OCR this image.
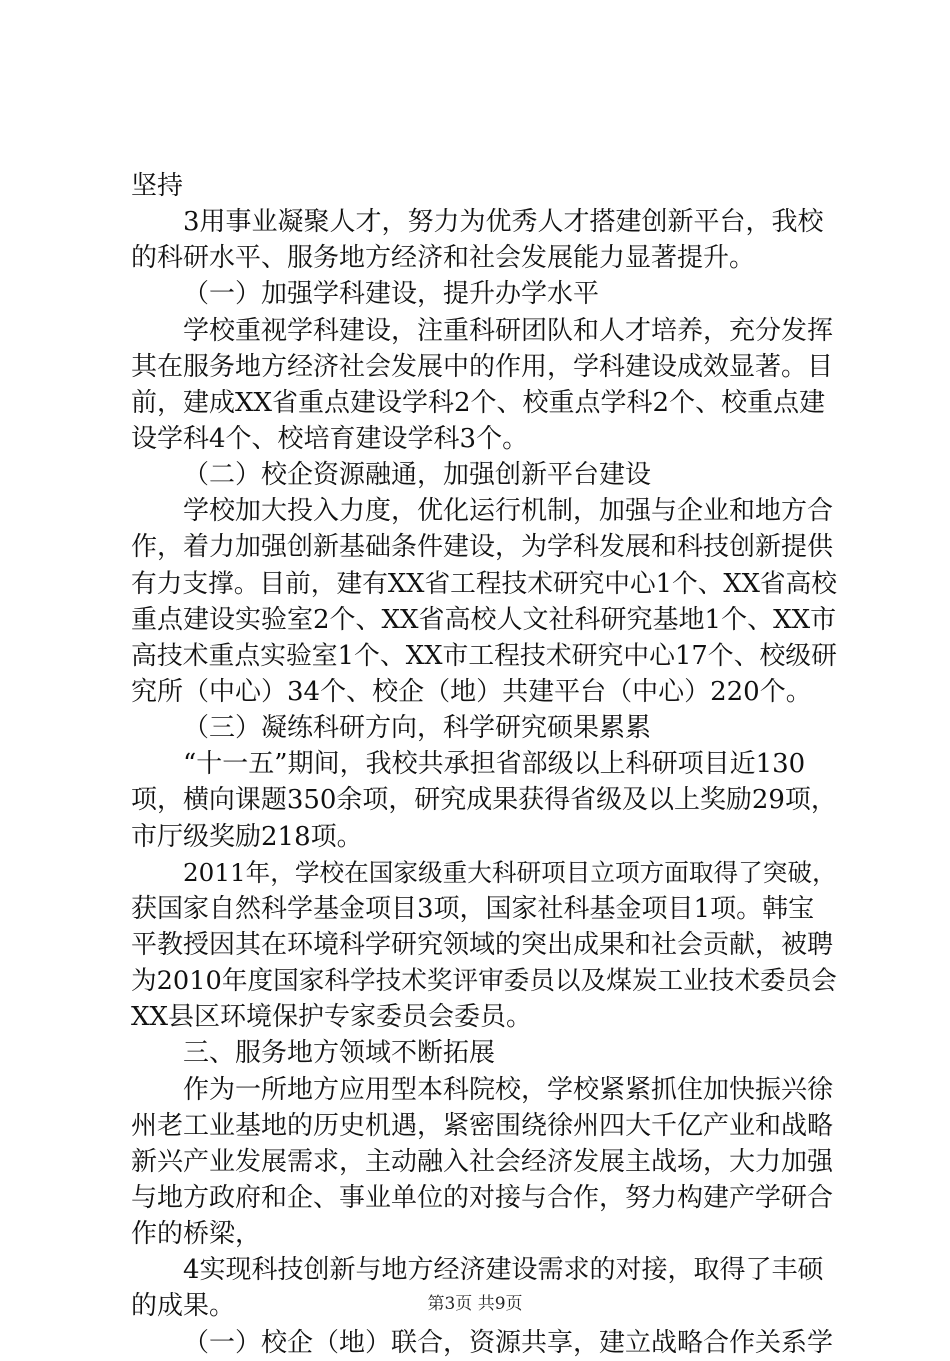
坚持
3用事业凝聚人才，努力为优秀人才搭建创新平台，我校
的科研水平、服务地方经济和社会发展能力显著提升。
（一）加强学科建设，提升办学水平
学校重视学科建设，注重科研团队和人才培养，充分发挥
其在服务地方经济社会发展中的作用，学科建设成效显著。目
前，建成XX省重点建设学科2个、校重点学科2个、校重点建
设学科4个、校培育建设学科3个。
（二）校企资源融通，加强创新平台建设
学校加大投入力度，优化运行机制，加强与企业和地方合
作，着力加强创新基础条件建设，为学科发展和科技创新提供
有力支撑。目前，建有XX省工程技术研究中心1个、XX省高校
重点建设实验室2个、XX省高校人文社科研究基地1个、XX市
高技术重点实验室1个、XX市工程技术研究中心17个、校级研
究所（中心）34个、校企（地）共建平台（中心）220个。
（三）凝练科研方向，科学研究硕果累累
“十一五”期间，我校共承担省部级以上科研项目近130
项，横向课题350余项，研究成果获得省级及以上奖励29项，
市厅级奖励218项。
2011年，学校在国家级重大科研项目立项方面取得了突破，
获国家自然科学基金项目3项，国家社科基金项目1项。韩宝
平教授因其在环境科学研究领域的突出成果和社会贡献，被聘
为2010年度国家科学技术奖评审委员以及煤炭工业技术委员会
XX县区环境保护专家委员会委员。
三、服务地方领域不断拓展
作为一所地方应用型本科院校，学校紧紧抓住加快振兴徐
州老工业基地的历史机遇，紧密围绕徐州四大千亿产业和战略
新兴产业发展需求，主动融入社会经济发展主战场，大力加强
与地方政府和企、事业单位的对接与合作，努力构建产学研合
作的桥梁，
4实现科技创新与地方经济建设需求的对接，取得了丰硕
的成果。
（一）校企（地）联合，资源共享，建立战略合作关系学
第3页 共9页
